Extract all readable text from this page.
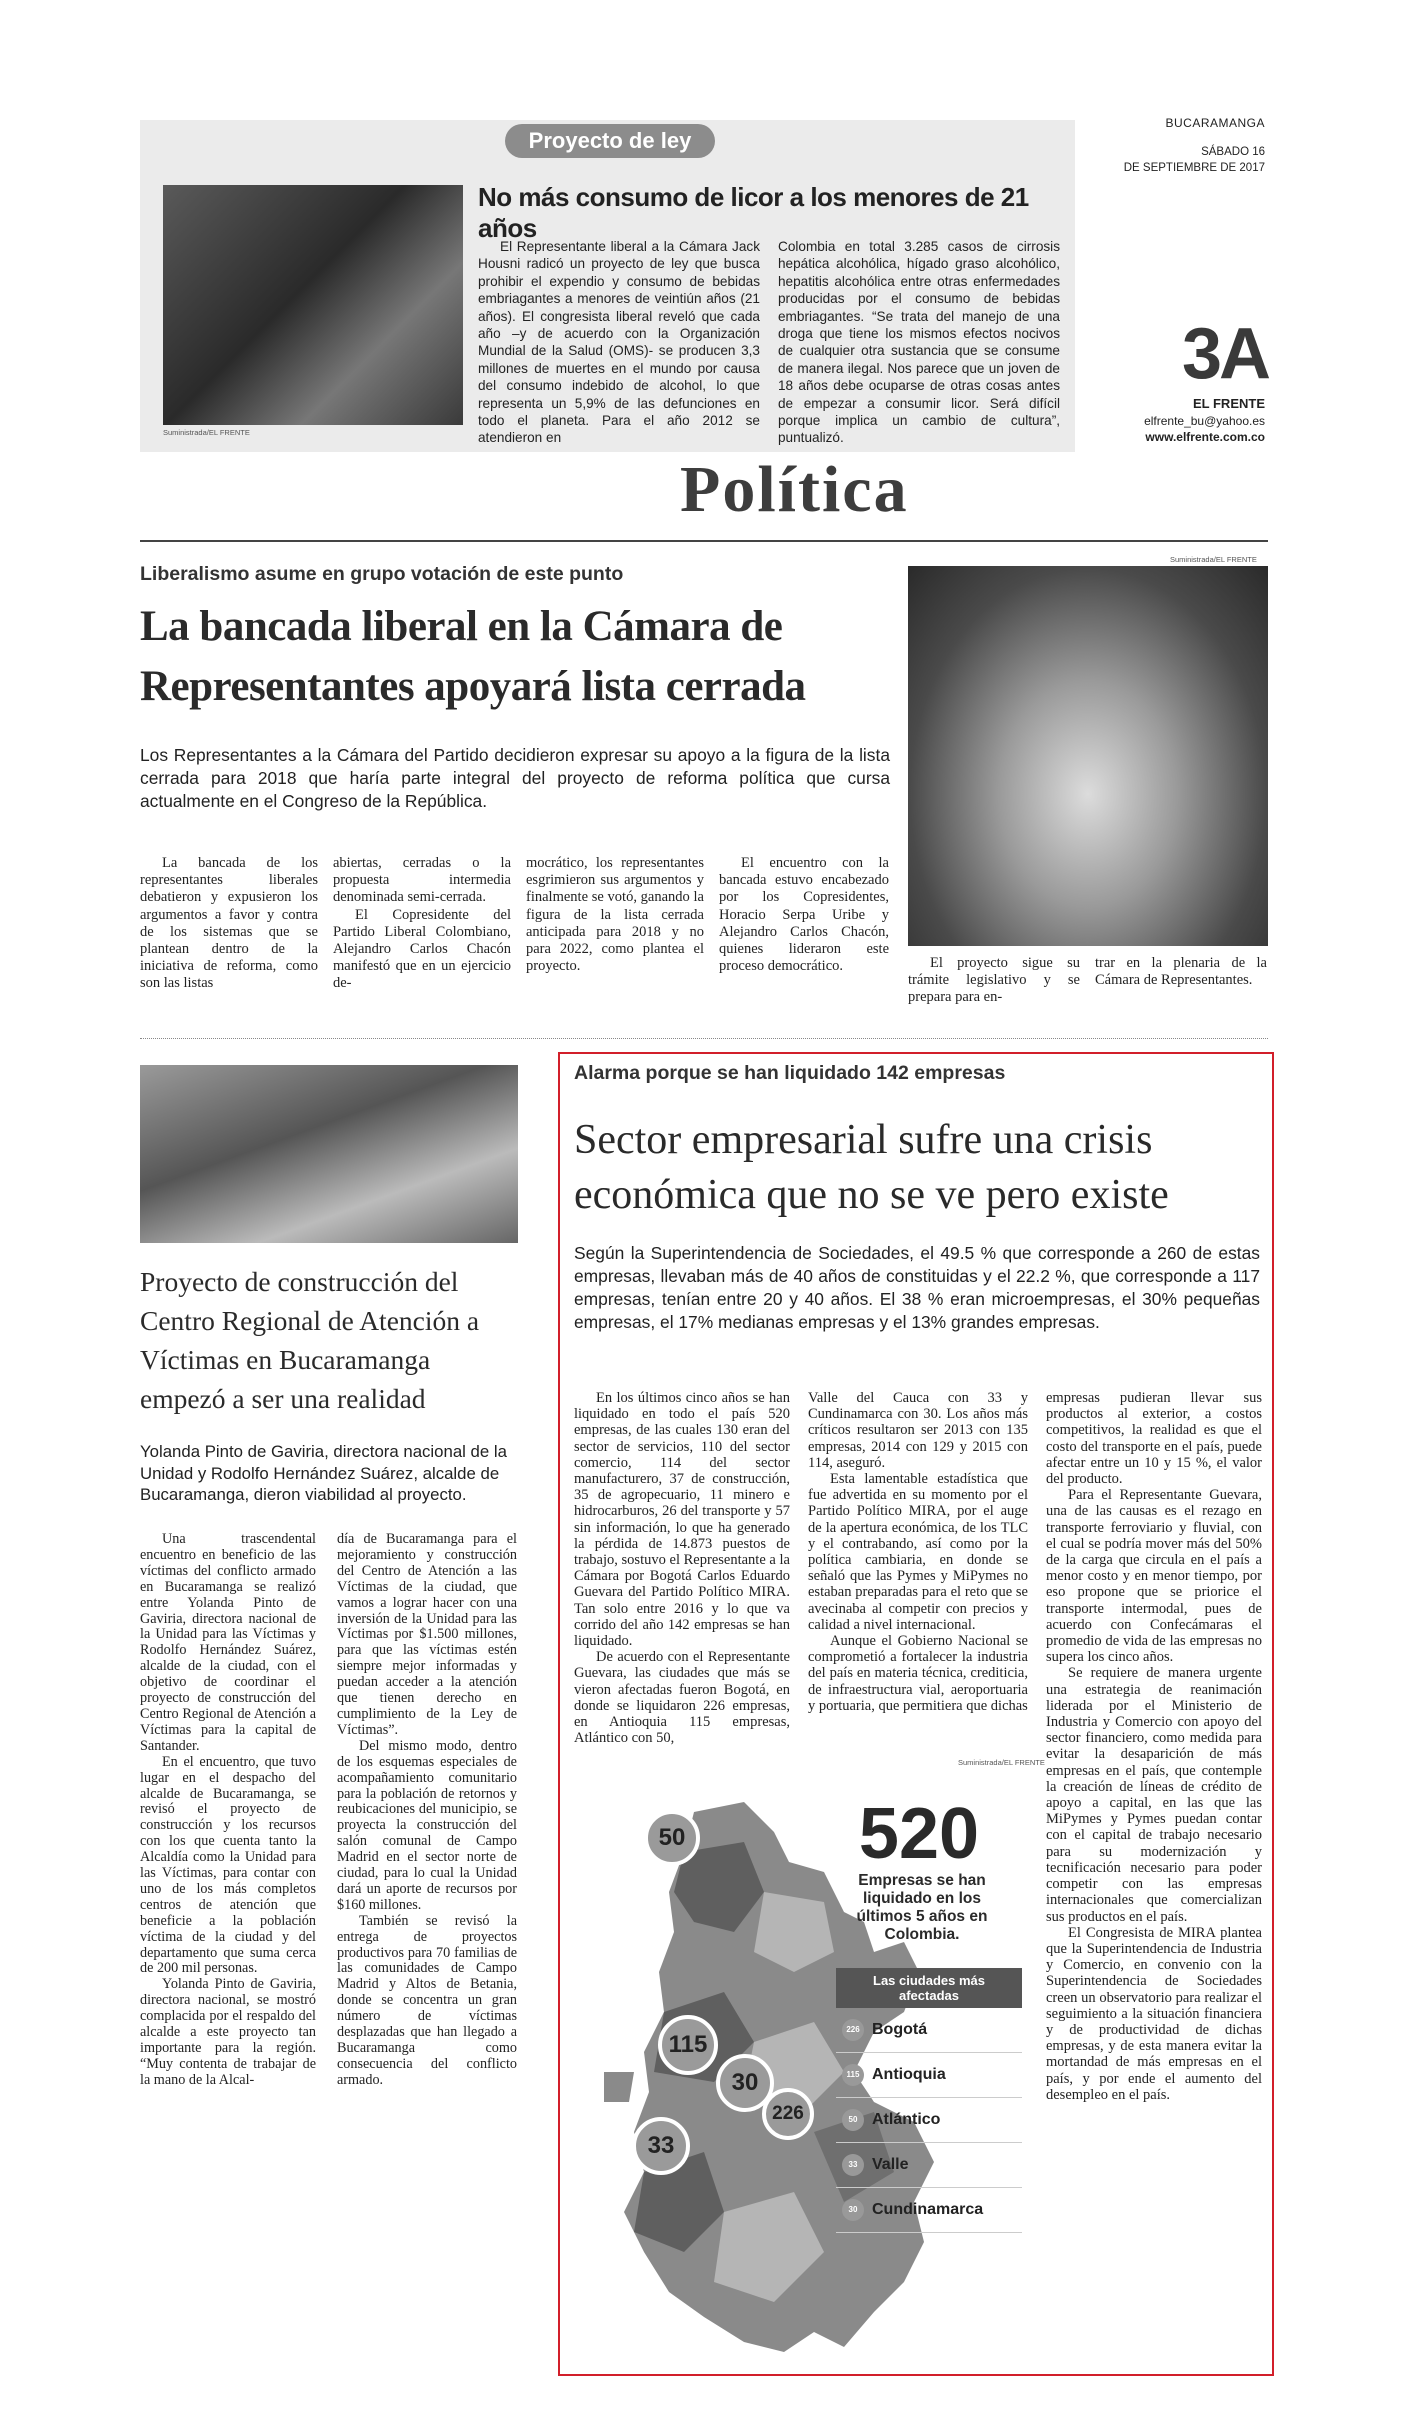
Proyecto de ley
Suministrada/EL FRENTE
No más consumo de licor a los menores de 21 años

El Representante liberal a la Cámara Jack Housni radicó un proyecto de ley que busca prohibir el expendio y consumo de bebidas embriagantes a menores de veintiún años (21 años). El congresista liberal reveló que cada año –y de acuerdo con la Organización Mundial de la Salud (OMS)- se producen 3,3 millones de muertes en el mundo por causa del consumo indebido de alcohol, lo que representa un 5,9% de las defunciones en todo el planeta. Para el año 2012 se atendieron en

Colombia en total 3.285 casos de cirrosis hepática alcohólica, hígado graso alcohólico, hepatitis alcohólica entre otras enfermedades producidas por el consumo de bebidas embriagantes. “Se trata del manejo de una droga que tiene los mismos efectos nocivos de cualquier otra sustancia que se consume de manera ilegal. Nos parece que un joven de 18 años debe ocuparse de otras cosas antes de empezar a consumir licor. Será difícil porque implica un cambio de cultura”, puntualizó.

BUCARAMANGA
SÁBADO 16
DE SEPTIEMBRE DE 2017
3A
EL FRENTE
elfrente_bu@yahoo.es
www.elfrente.com.co
Política
Liberalismo asume en grupo votación de este punto
La bancada liberal en la Cámara de
Representantes apoyará lista cerrada
Los Representantes a la Cámara del Partido decidieron expresar su apoyo a la figura de la lista cerrada para 2018 que haría parte integral del proyecto de reforma política que cursa actualmente en el Congreso de la República.

La bancada de los representantes liberales debatieron y expusieron los argumentos a favor y contra de los sistemas que se plantean dentro de la iniciativa de reforma, como son las listas

abiertas, cerradas o la propuesta intermedia denominada semi-cerrada.

El Copresidente del Partido Liberal Colombiano, Alejandro Carlos Chacón manifestó que en un ejercicio de-

mocrático, los representantes esgrimieron sus argumentos y finalmente se votó, ganando la figura de la lista cerrada anticipada para 2018 y no para 2022, como plantea el proyecto.

El encuentro con la bancada estuvo encabezado por los Copresidentes, Horacio Serpa Uribe y Alejandro Carlos Chacón, quienes lideraron este proceso democrático.

Suministrada/EL FRENTE

El proyecto sigue su trámite legislativo y se prepara para en-

trar en la plenaria de la Cámara de Representantes.

Proyecto de construcción del Centro Regional de Atención a Víctimas en Bucaramanga empezó a ser una realidad
Yolanda Pinto de Gaviria, directora nacional de la Unidad y Rodolfo Hernández Suárez, alcalde de Bucaramanga, dieron viabilidad al proyecto.

Una trascendental encuentro en beneficio de las víctimas del conflicto armado en Bucaramanga se realizó entre Yolanda Pinto de Gaviria, directora nacional de la Unidad para las Víctimas y Rodolfo Hernández Suárez, alcalde de la ciudad, con el objetivo de coordinar el proyecto de construcción del Centro Regional de Atención a Víctimas para la capital de Santander.

En el encuentro, que tuvo lugar en el despacho del alcalde de Bucaramanga, se revisó el proyecto de construcción y los recursos con los que cuenta tanto la Alcaldía como la Unidad para las Víctimas, para contar con uno de los más completos centros de atención que beneficie a la población víctima de la ciudad y del departamento que suma cerca de 200 mil personas.

Yolanda Pinto de Gaviria, directora nacional, se mostró complacida por el respaldo del alcalde a este proyecto tan importante para la región. “Muy contenta de trabajar de la mano de la Alcal-

día de Bucaramanga para el mejoramiento y construcción del Centro de Atención a las Víctimas de la ciudad, que vamos a lograr hacer con una inversión de la Unidad para las Víctimas por $1.500 millones, para que las víctimas estén siempre mejor informadas y puedan acceder a la atención que tienen derecho en cumplimiento de la Ley de Víctimas”.

Del mismo modo, dentro de los esquemas especiales de acompañamiento comunitario para la población de retornos y reubicaciones del municipio, se proyecta la construcción del salón comunal de Campo Madrid en el sector norte de ciudad, para lo cual la Unidad dará un aporte de recursos por $160 millones.

También se revisó la entrega de proyectos productivos para 70 familias de las comunidades de Campo Madrid y Altos de Betania, donde se concentra un gran número de víctimas desplazadas que han llegado a Bucaramanga como consecuencia del conflicto armado.

Alarma porque se han liquidado 142 empresas
Sector empresarial sufre una crisis
económica que no se ve pero existe
Según la Superintendencia de Sociedades, el 49.5 % que corresponde a 260 de estas empresas, llevaban más de 40 años de constituidas y el 22.2 %, que corresponde a 117 empresas, tenían entre 20 y 40 años. El 38 % eran microempresas, el 30% pequeñas empresas, el 17% medianas empresas y el 13% grandes empresas.

En los últimos cinco años se han liquidado en todo el país 520 empresas, de las cuales 130 eran del sector de servicios, 110 del sector comercio, 114 del sector manufacturero, 37 de construcción, 35 de agropecuario, 11 minero e hidrocarburos, 26 del transporte y 57 sin información, lo que ha generado la pérdida de 14.873 puestos de trabajo, sostuvo el Representante a la Cámara por Bogotá Carlos Eduardo Guevara del Partido Político MIRA. Tan solo entre 2016 y lo que va corrido del año 142 empresas se han liquidado.

De acuerdo con el Representante Guevara, las ciudades que más se vieron afectadas fueron Bogotá, en donde se liquidaron 226 empresas, en Antioquia 115 empresas, Atlántico con 50,

Valle del Cauca con 33 y Cundinamarca con 30. Los años más críticos resultaron ser 2013 con 135 empresas, 2014 con 129 y 2015 con 114, aseguró.

Esta lamentable estadística que fue advertida en su momento por el Partido Político MIRA, por el auge de la apertura económica, de los TLC y el contrabando, así como por la política cambiaria, en donde se señaló que las Pymes y MiPymes no estaban preparadas para el reto que se avecinaba al competir con precios y calidad a nivel internacional.

Aunque el Gobierno Nacional se comprometió a fortalecer la industria del país en materia técnica, crediticia, de infraestructura vial, aeroportuaria y portuaria, que permitiera que dichas

empresas pudieran llevar sus productos al exterior, a costos competitivos, la realidad es que el costo del transporte en el país, puede afectar entre un 10 y 15 %, el valor del producto.

Para el Representante Guevara, una de las causas es el rezago en transporte ferroviario y fluvial, con el cual se podría mover más del 50% de la carga que circula en el país a menor costo y en menor tiempo, por eso propone que se priorice el transporte intermodal, pues de acuerdo con Confecámaras el promedio de vida de las empresas no supera los cinco años.

Se requiere de manera urgente una estrategia de reanimación liderada por el Ministerio de Industria y Comercio con apoyo del sector financiero, como medida para evitar la desaparición de más empresas en el país, que contemple la creación de líneas de crédito de apoyo a capital, en las que las MiPymes y Pymes puedan contar con el capital de trabajo necesario para su modernización y tecnificación necesario para poder competir con las empresas internacionales que comercializan sus productos en el país.

El Congresista de MIRA plantea que la Superintendencia de Industria y Comercio, en convenio con la Superintendencia de Sociedades creen un observatorio para realizar el seguimiento a la situación financiera y de productividad de dichas empresas, y de esta manera evitar la mortandad de más empresas en el país, y por ende el aumento del desempleo en el país.

Suministrada/EL FRENTE
50
115
30
226
33
520
Empresas se han liquidado en los últimos 5 años en Colombia.
Las ciudades más afectadas
226 Bogotá
115 Antioquia
50 Atlántico
33 Valle
30 Cundinamarca
